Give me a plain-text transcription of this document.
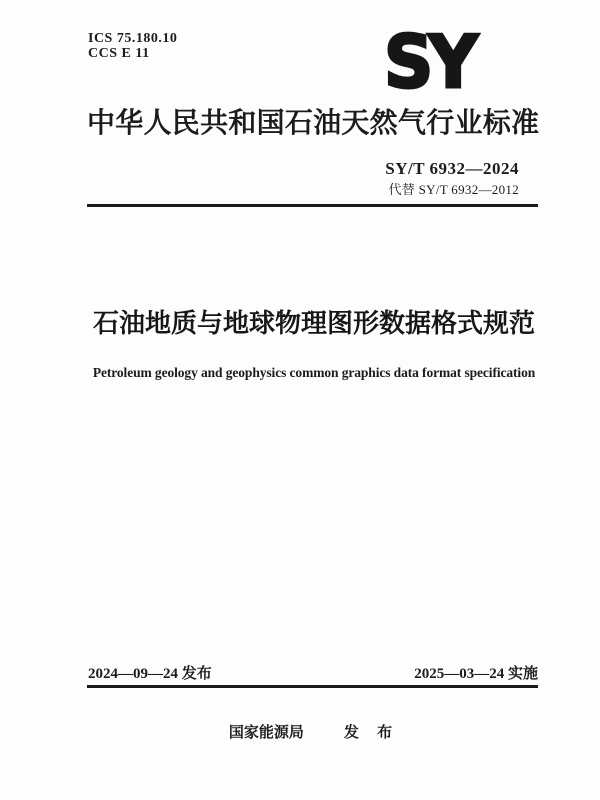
ICS 75.180.10
CCS E 11	SY
中华人民共和国石油天然气行业标准
SY/T 6932—2024
代替 SY/T 6932—2012
石油地质与地球物理图形数据格式规范
Petroleum geology and geophysics common graphics data format specification
2024—09—24 发布	2025—03—24 实施
国家能源局	发 布
